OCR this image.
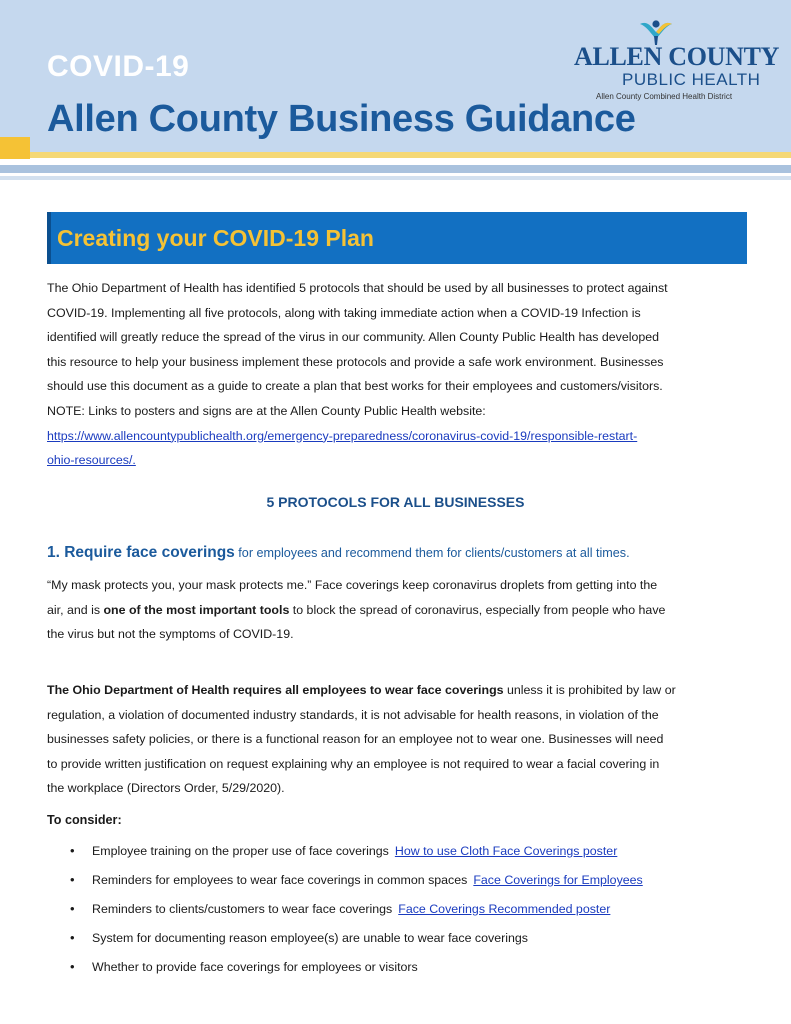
COVID-19
Allen County Business Guidance
ALLEN COUNTY
PUBLIC HEALTH
Allen County Combined Health District
Creating your COVID-19 Plan
The Ohio Department of Health has identified 5 protocols that should be used by all businesses to protect against
COVID-19. Implementing all five protocols, along with taking immediate action when a COVID-19 Infection is
identified will greatly reduce the spread of the virus in our community. Allen County Public Health has developed
this resource to help your business implement these protocols and provide a safe work environment. Businesses
should use this document as a guide to create a plan that best works for their employees and customers/visitors.
NOTE: Links to posters and signs are at the Allen County Public Health website:
https://www.allencountypublichealth.org/emergency-preparedness/coronavirus-covid-19/responsible-restart-
ohio-resources/.
5 PROTOCOLS FOR ALL BUSINESSES
1. Require face coverings for employees and recommend them for clients/customers at all times.
“My mask protects you, your mask protects me.” Face coverings keep coronavirus droplets from getting into the
air, and is one of the most important tools to block the spread of coronavirus, especially from people who have
the virus but not the symptoms of COVID-19.
The Ohio Department of Health requires all employees to wear face coverings unless it is prohibited by law or
regulation, a violation of documented industry standards, it is not advisable for health reasons, in violation of the
businesses safety policies, or there is a functional reason for an employee not to wear one. Businesses will need
to provide written justification on request explaining why an employee is not required to wear a facial covering in
the workplace (Directors Order, 5/29/2020).
To consider:
• Employee training on the proper use of face coverings How to use Cloth Face Coverings poster
• Reminders for employees to wear face coverings in common spaces Face Coverings for Employees
• Reminders to clients/customers to wear face coverings Face Coverings Recommended poster
• System for documenting reason employee(s) are unable to wear face coverings
• Whether to provide face coverings for employees or visitors
